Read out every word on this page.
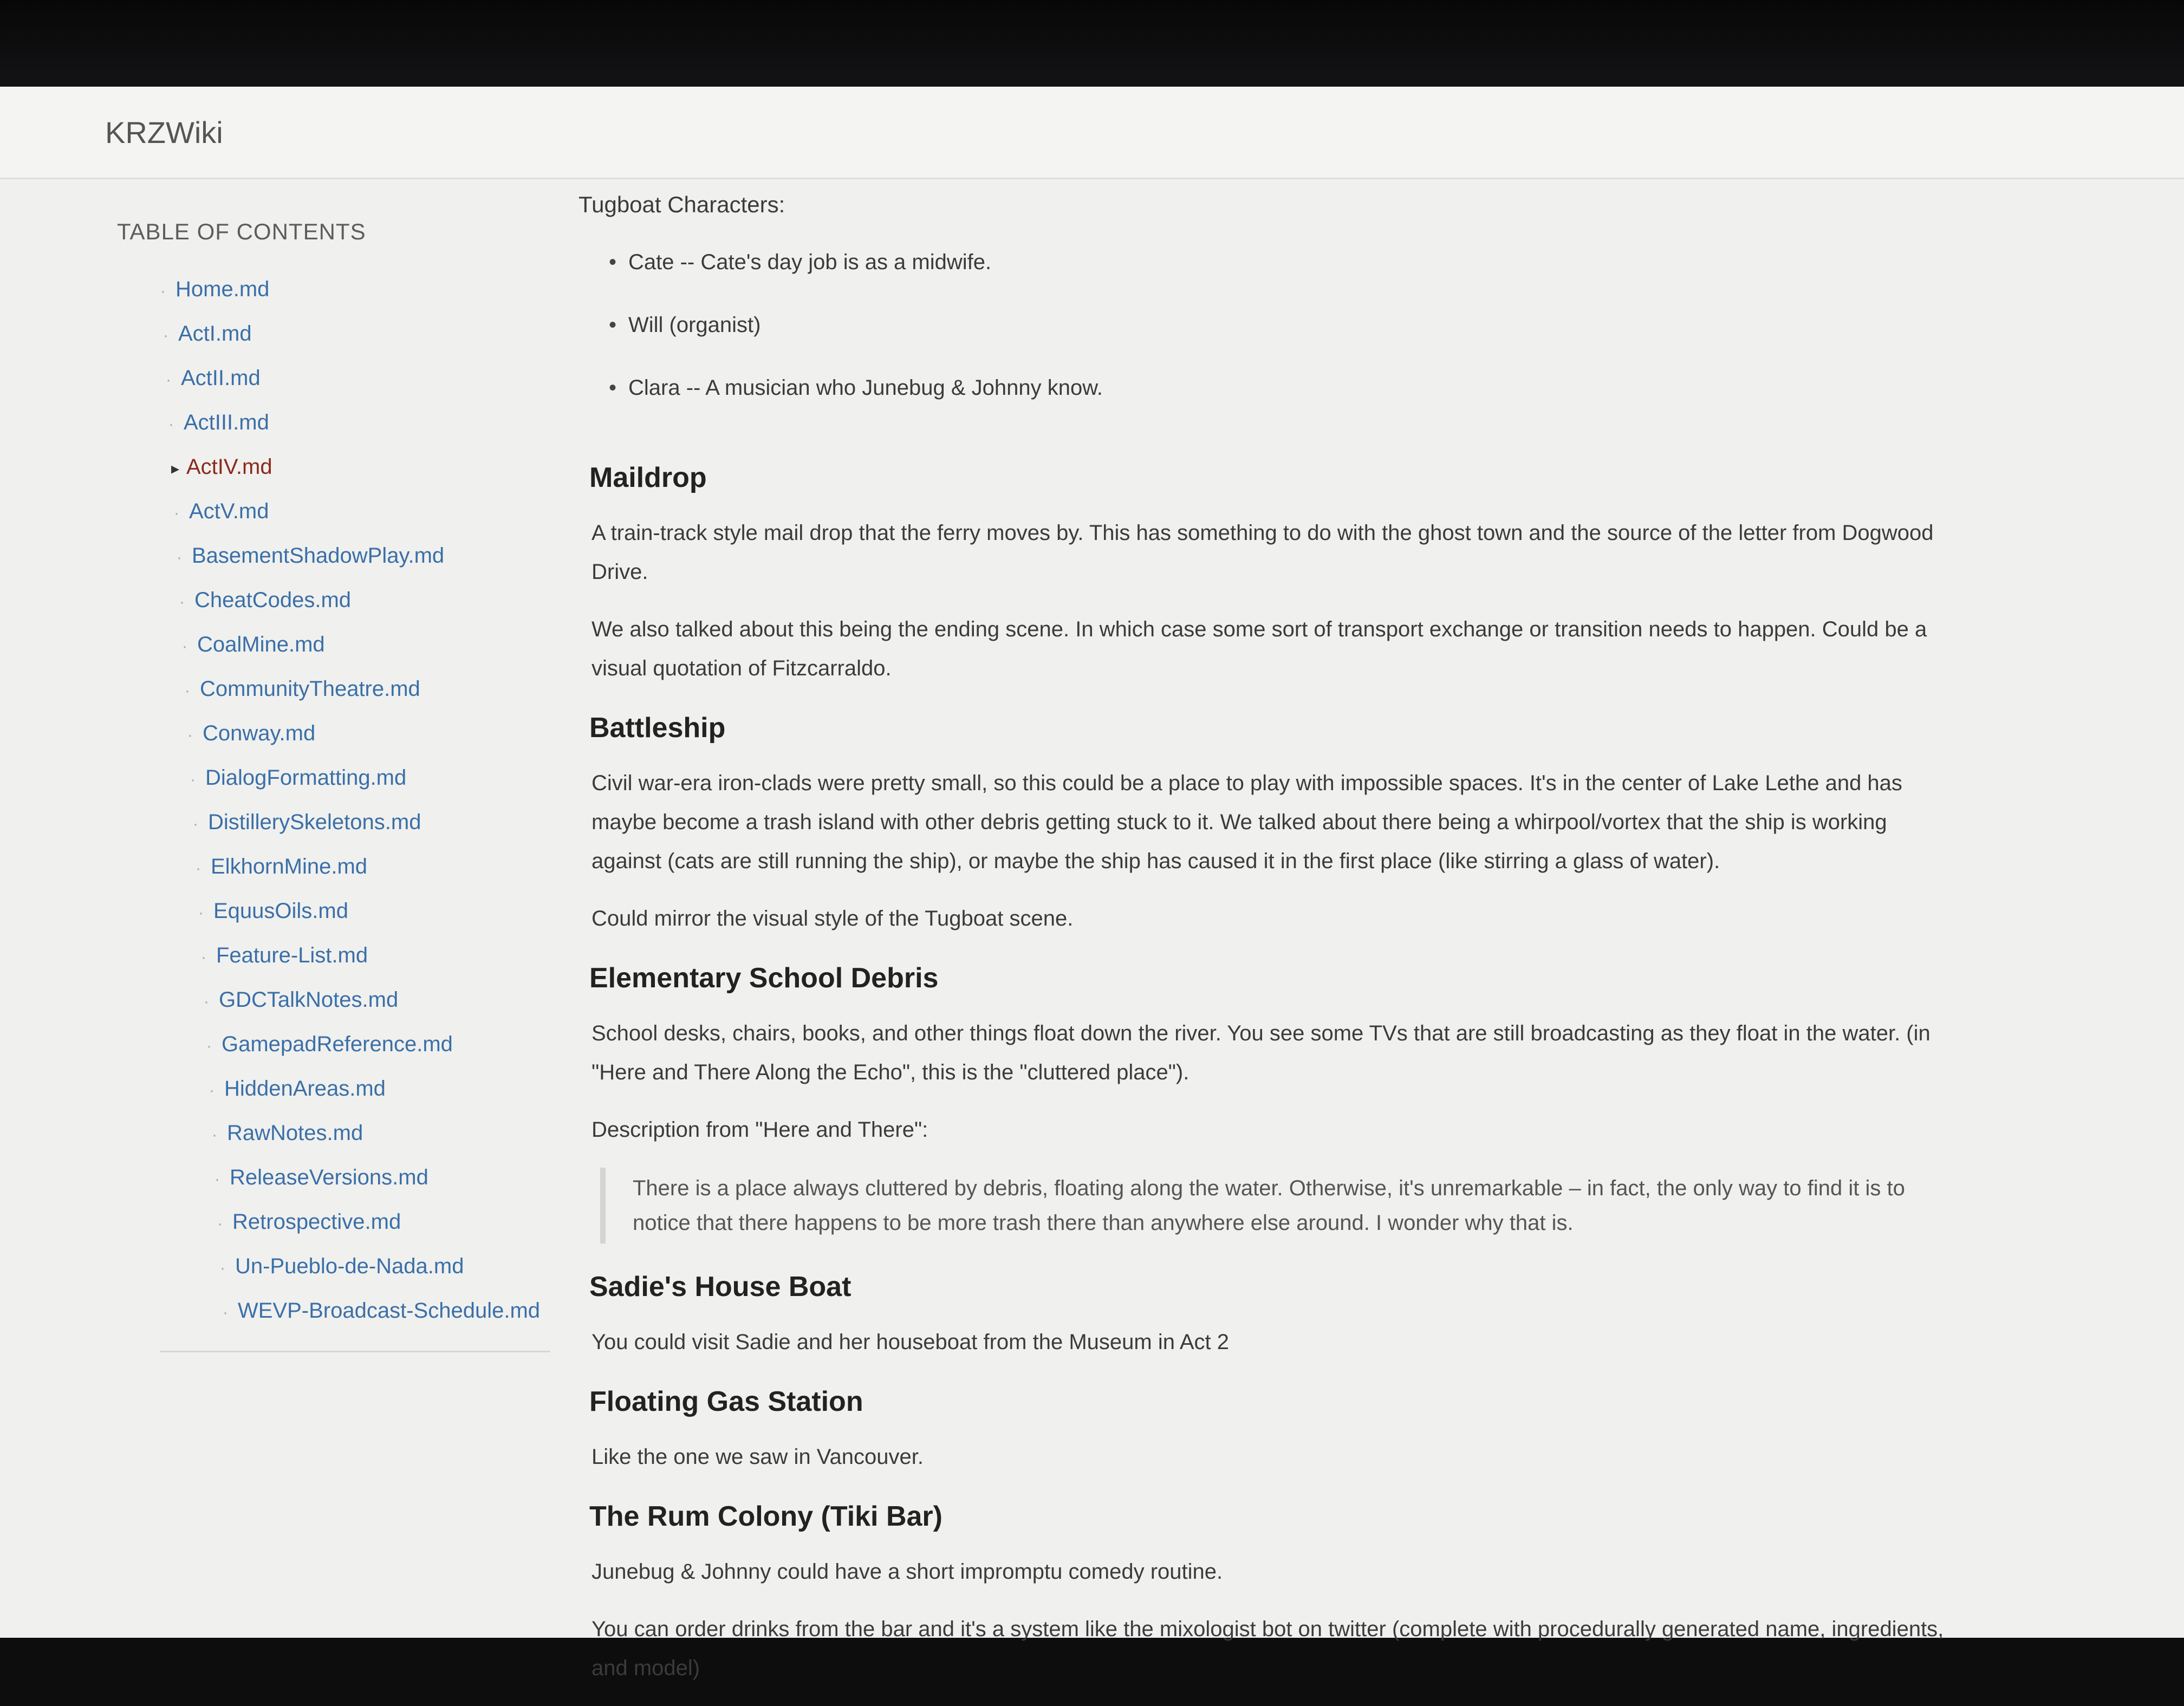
KRZWiki
TABLE OF CONTENTS
· Home.md
· ActI.md
· ActII.md
· ActIII.md
▸ ActIV.md
· ActV.md
· BasementShadowPlay.md
· CheatCodes.md
· CoalMine.md
· CommunityTheatre.md
· Conway.md
· DialogFormatting.md
· DistillerySkeletons.md
· ElkhornMine.md
· EquusOils.md
· Feature-List.md
· GDCTalkNotes.md
· GamepadReference.md
· HiddenAreas.md
· RawNotes.md
· ReleaseVersions.md
· Retrospective.md
· Un-Pueblo-de-Nada.md
· WEVP-Broadcast-Schedule.md

Tugboat Characters:

• Cate -- Cate's day job is as a midwife.
• Will (organist)
• Clara -- A musician who Junebug & Johnny know.
Maildrop

A train-track style mail drop that the ferry moves by. This has something to do with the ghost town and the source of the letter from Dogwood Drive.

We also talked about this being the ending scene. In which case some sort of transport exchange or transition needs to happen. Could be a visual quotation of Fitzcarraldo.

Battleship

Civil war-era iron-clads were pretty small, so this could be a place to play with impossible spaces. It's in the center of Lake Lethe and has maybe become a trash island with other debris getting stuck to it. We talked about there being a whirpool/vortex that the ship is working against (cats are still running the ship), or maybe the ship has caused it in the first place (like stirring a glass of water).

Could mirror the visual style of the Tugboat scene.

Elementary School Debris

School desks, chairs, books, and other things float down the river. You see some TVs that are still broadcasting as they float in the water. (in "Here and There Along the Echo", this is the "cluttered place").

Description from "Here and There":

There is a place always cluttered by debris, floating along the water. Otherwise, it's unremarkable – in fact, the only way to find it is to notice that there happens to be more trash there than anywhere else around. I wonder why that is.
Sadie's House Boat

You could visit Sadie and her houseboat from the Museum in Act 2

Floating Gas Station

Like the one we saw in Vancouver.

The Rum Colony (Tiki Bar)

Junebug & Johnny could have a short impromptu comedy routine.

You can order drinks from the bar and it's a system like the mixologist bot on twitter (complete with procedurally generated name, ingredients, and model)
